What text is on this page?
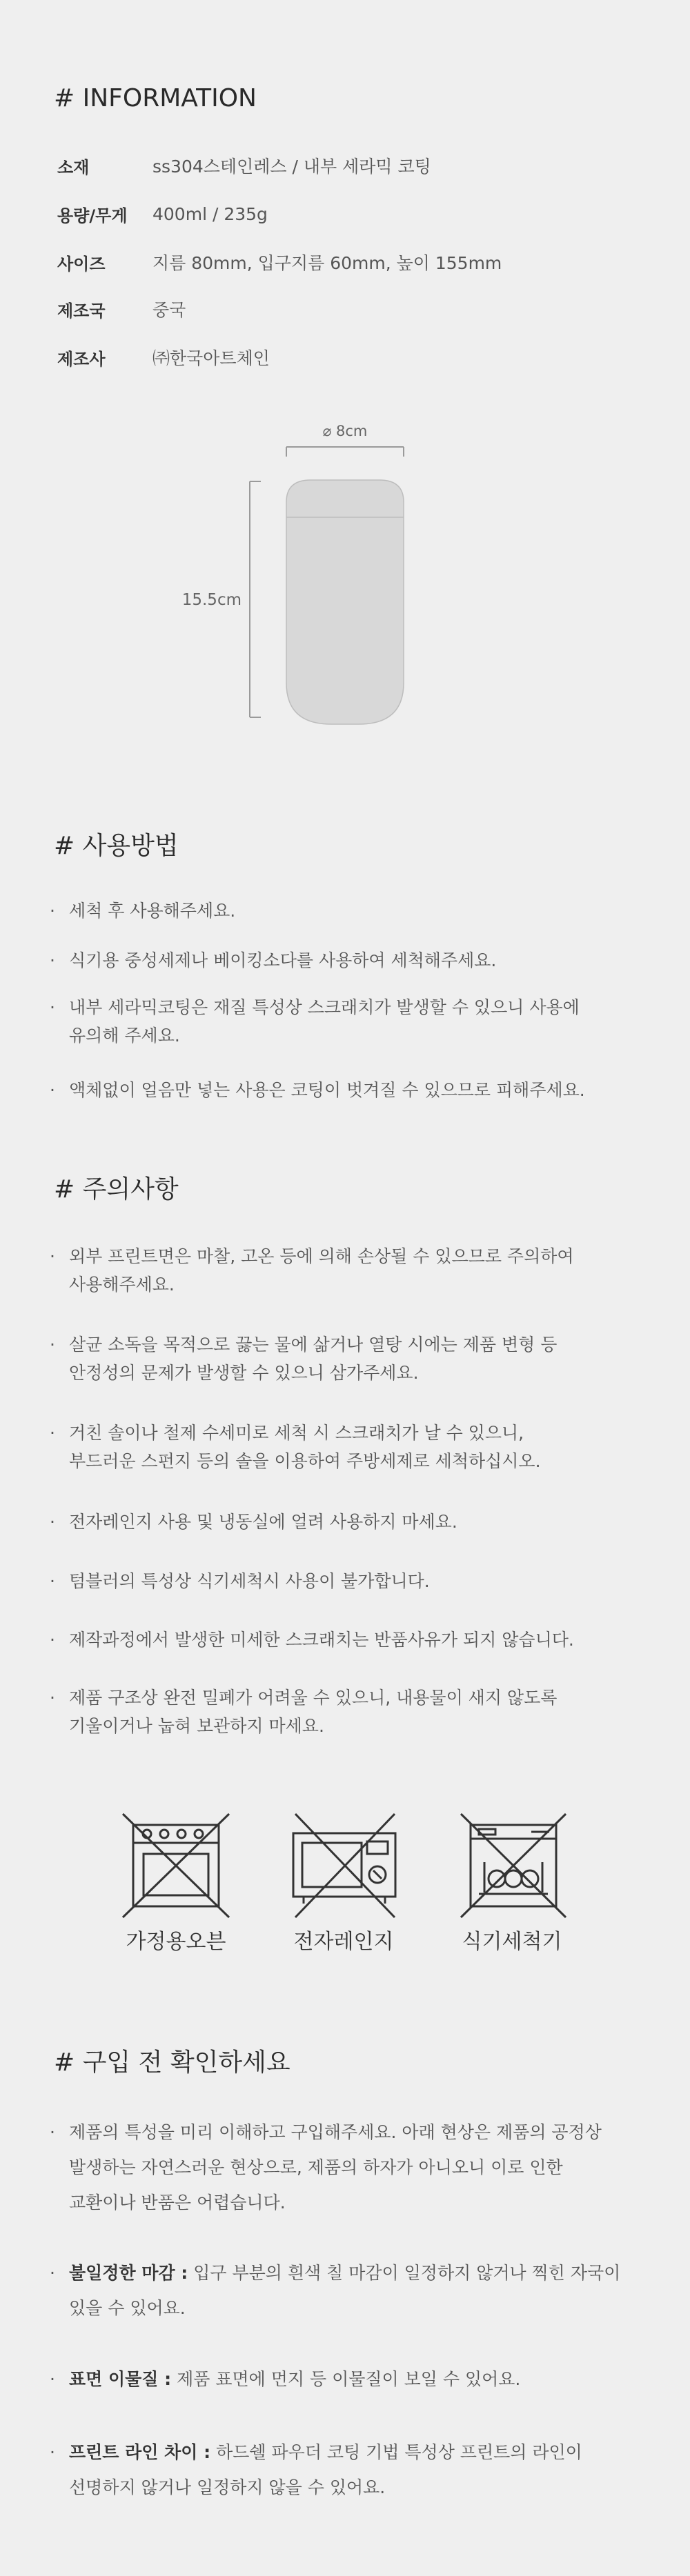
# INFORMATION
소재	ss304스테인레스 / 내부 세라믹 코팅
용량/무게	400ml / 235g
사이즈	지름 80mm, 입구지름 60mm, 높이 155mm
제조국	중국
제조사	㈜한국아트체인
⌀ 8cm
15.5cm
# 사용방법
· 세척 후 사용해주세요.
· 식기용 중성세제나 베이킹소다를 사용하여 세척해주세요.
· 내부 세라믹코팅은 재질 특성상 스크래치가 발생할 수 있으니 사용에
유의해 주세요.
· 액체없이 얼음만 넣는 사용은 코팅이 벗겨질 수 있으므로 피해주세요.
# 주의사항
· 외부 프린트면은 마찰, 고온 등에 의해 손상될 수 있으므로 주의하여
사용해주세요.
· 살균 소독을 목적으로 끓는 물에 삶거나 열탕 시에는 제품 변형 등
안정성의 문제가 발생할 수 있으니 삼가주세요.
· 거친 솔이나 철제 수세미로 세척 시 스크래치가 날 수 있으니,
부드러운 스펀지 등의 솔을 이용하여 주방세제로 세척하십시오.
· 전자레인지 사용 및 냉동실에 얼려 사용하지 마세요.
· 텀블러의 특성상 식기세척시 사용이 불가합니다.
· 제작과정에서 발생한 미세한 스크래치는 반품사유가 되지 않습니다.
· 제품 구조상 완전 밀폐가 어려울 수 있으니, 내용물이 새지 않도록
기울이거나 눕혀 보관하지 마세요.
가정용오븐	전자레인지	식기세척기
# 구입 전 확인하세요
· 제품의 특성을 미리 이해하고 구입해주세요. 아래 현상은 제품의 공정상
발생하는 자연스러운 현상으로, 제품의 하자가 아니오니 이로 인한
교환이나 반품은 어렵습니다.
· 불일정한 마감 : 입구 부분의 흰색 칠 마감이 일정하지 않거나 찍힌 자국이
있을 수 있어요.
· 표면 이물질 : 제품 표면에 먼지 등 이물질이 보일 수 있어요.
· 프린트 라인 차이 : 하드쉘 파우더 코팅 기법 특성상 프린트의 라인이
선명하지 않거나 일정하지 않을 수 있어요.
